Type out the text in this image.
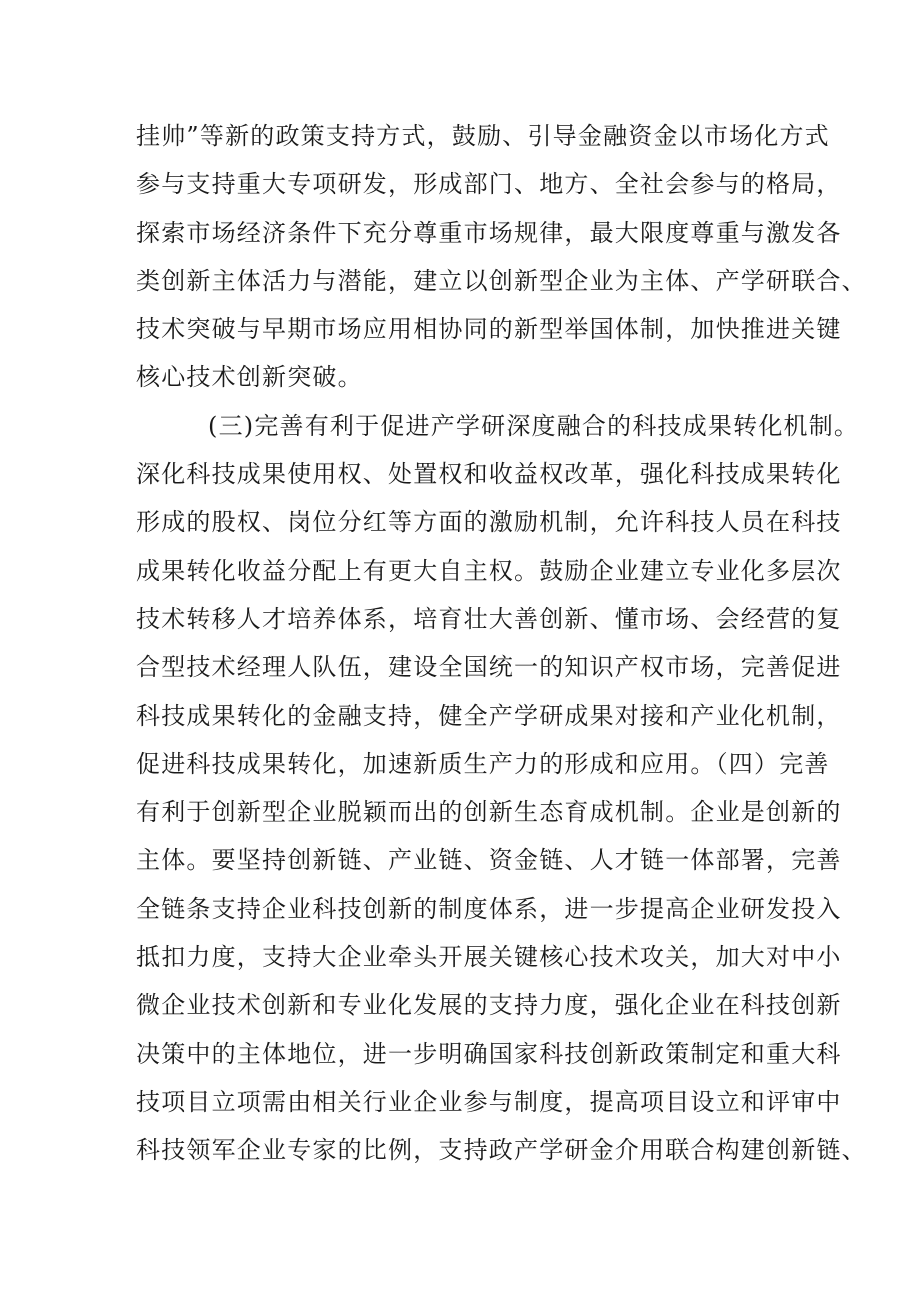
挂帅”等新的政策支持方式，鼓励、引导金融资金以市场化方式
参与支持重大专项研发，形成部门、地方、全社会参与的格局，
探索市场经济条件下充分尊重市场规律，最大限度尊重与激发各
类创新主体活力与潜能，建立以创新型企业为主体、产学研联合、
技术突破与早期市场应用相协同的新型举国体制，加快推进关键
核心技术创新突破。
(三)完善有利于促进产学研深度融合的科技成果转化机制。
深化科技成果使用权、处置权和收益权改革，强化科技成果转化
形成的股权、岗位分红等方面的激励机制，允许科技人员在科技
成果转化收益分配上有更大自主权。鼓励企业建立专业化多层次
技术转移人才培养体系，培育壮大善创新、懂市场、会经营的复
合型技术经理人队伍，建设全国统一的知识产权市场，完善促进
科技成果转化的金融支持，健全产学研成果对接和产业化机制，
促进科技成果转化，加速新质生产力的形成和应用。（四）完善
有利于创新型企业脱颖而出的创新生态育成机制。企业是创新的
主体。要坚持创新链、产业链、资金链、人才链一体部署，完善
全链条支持企业科技创新的制度体系，进一步提高企业研发投入
抵扣力度，支持大企业牵头开展关键核心技术攻关，加大对中小
微企业技术创新和专业化发展的支持力度，强化企业在科技创新
决策中的主体地位，进一步明确国家科技创新政策制定和重大科
技项目立项需由相关行业企业参与制度，提高项目设立和评审中
科技领军企业专家的比例，支持政产学研金介用联合构建创新链、
